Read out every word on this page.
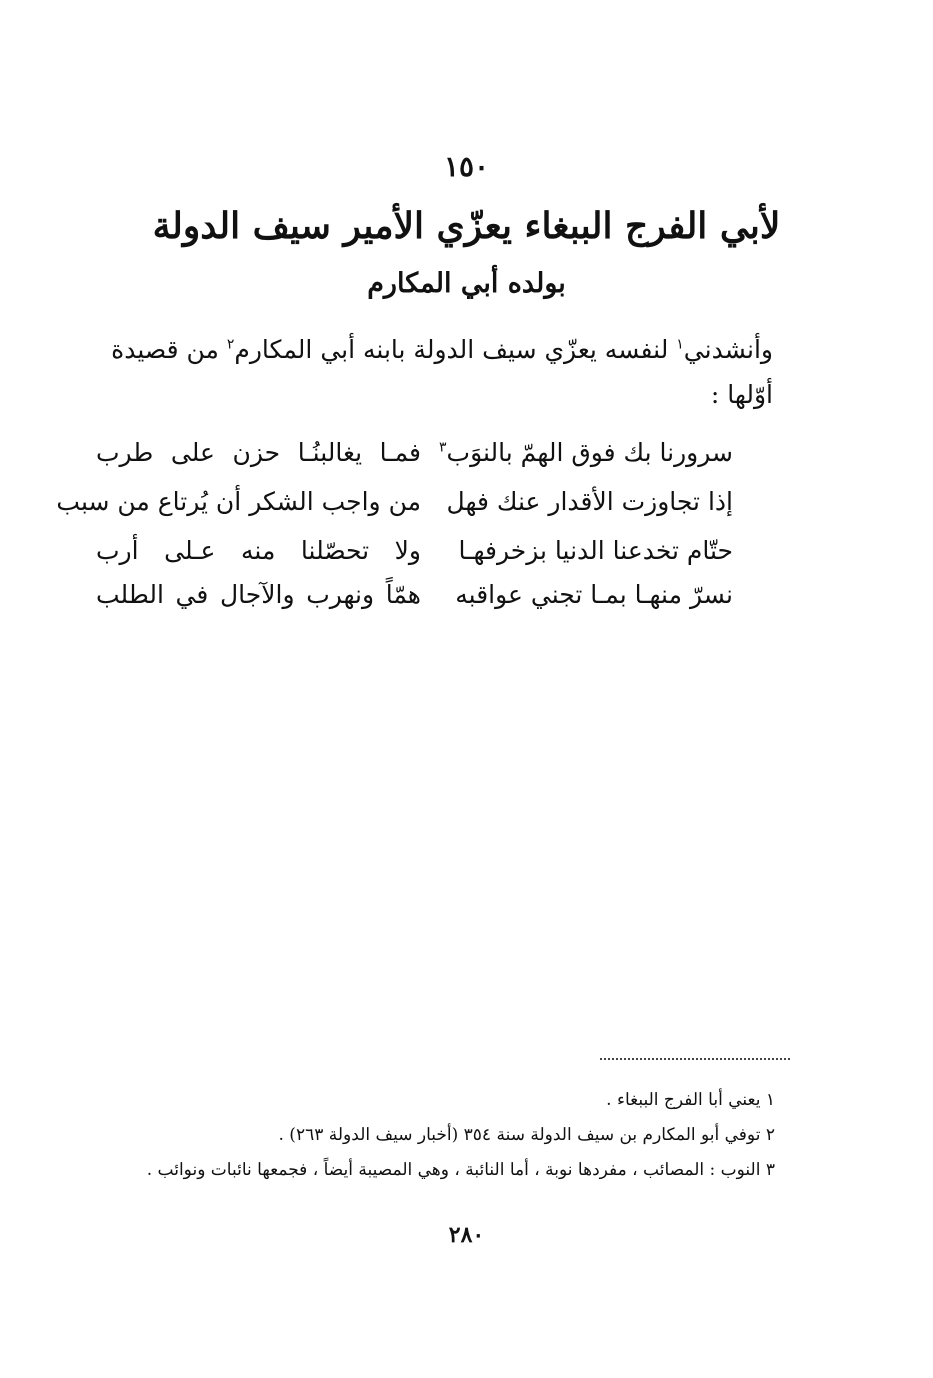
١٥٠
لأبي الفرج الببغاء يعزّي الأمير سيف الدولة
بولده أبي المكارم
وأنشدني$^١$ لنفسه يعزّي سيف الدولة بابنه أبي المكارم$^٢$ من قصيدة
أوّلها :
سرورنا بك فوق الهمّ بالنوَب$^٣$
فمـا يغالبنُـا حزن على طرب
إذا تجاوزت الأقدار عنك فهل
من واجب الشكر أن يُرتاع من سبب
حتّام تخدعنا الدنيا بزخرفهـا
ولا تحصّلنا منه عـلى أرب
نسرّ منهـا بمـا تجني عواقبه
همّاً ونهرب والآجال في الطلب
١ يعني أبا الفرج الببغاء .
٢ توفي أبو المكارم بن سيف الدولة سنة ٣٥٤ (أخبار سيف الدولة ٢٦٣) .
٣ النوب : المصائب ، مفردها نوبة ، أما النائبة ، وهي المصيبة أيضاً ، فجمعها نائبات ونوائب .
٢٨٠
